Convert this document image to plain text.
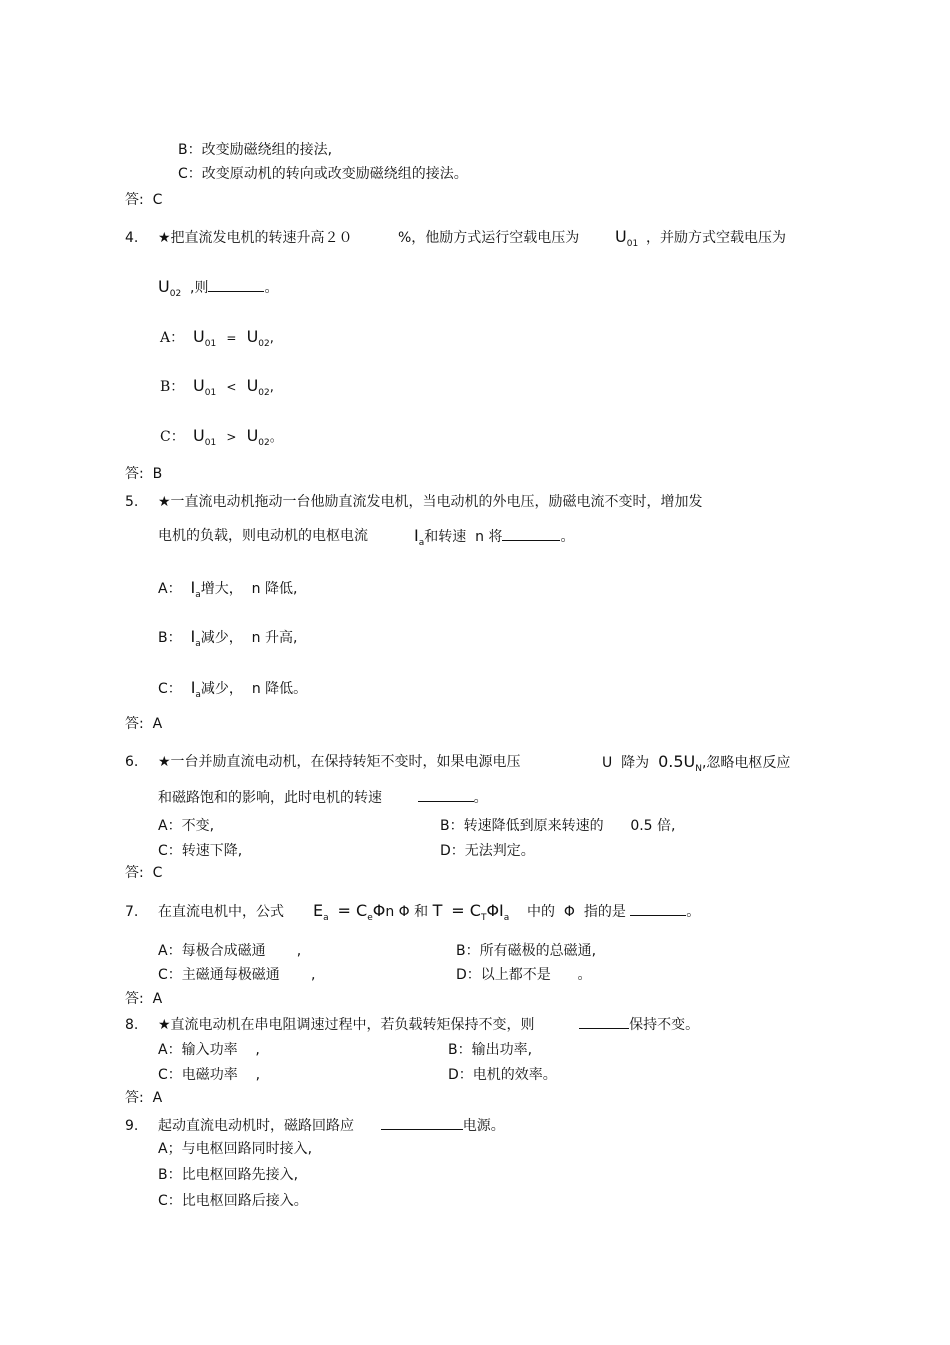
B：改变励磁绕组的接法,
C：改变原动机的转向或改变励磁绕组的接法。
答: C
4. ★把直流发电机的转速升高２０	%，他励方式运行空载电压为 $U_{01}$ ，并励方式空载电压为
$U_{02}$ ,则	。
A： $U_{01} = U_{02}$,
B： $U_{01} < U_{02}$,
C： $U_{01} > U_{02}$。
答: B
5. ★一直流电动机拖动一台他励直流发电机，当电动机的外电压，励磁电流不变时，增加发
电机的负载，则电动机的电枢电流	$I_a$和转速 n 将	。
A： $I_a$增大， n 降低,
B： $I_a$减少， n 升高,
C： $I_a$减少， n 降低。
答: A
6. ★一台并励直流电动机，在保持转矩不变时，如果电源电压	U 降为 $0.5U_N$,忽略电枢反应
和磁路饱和的影响，此时电机的转速	。
A：不变,	B：转速降低到原来转速的 0.5 倍,
C：转速下降,	D：无法判定。
答: C
7. 在直流电机中，公式 $E_a = C_e\Phi n$ Φ 和 $T = C_T\Phi I_a$ 中的 Φ 指的是	。
A：每极合成磁通 ,	B：所有磁极的总磁通,
C：主磁通每极磁通 ,	D：以上都不是 。
答: A
8. ★直流电动机在串电阻调速过程中，若负载转矩保持不变，则	保持不变。
A：输入功率 ,	B：输出功率,
C：电磁功率 ,	D：电机的效率。
答: A
9. 起动直流电动机时，磁路回路应	电源。
A；与电枢回路同时接入,
B：比电枢回路先接入,
C：比电枢回路后接入。
